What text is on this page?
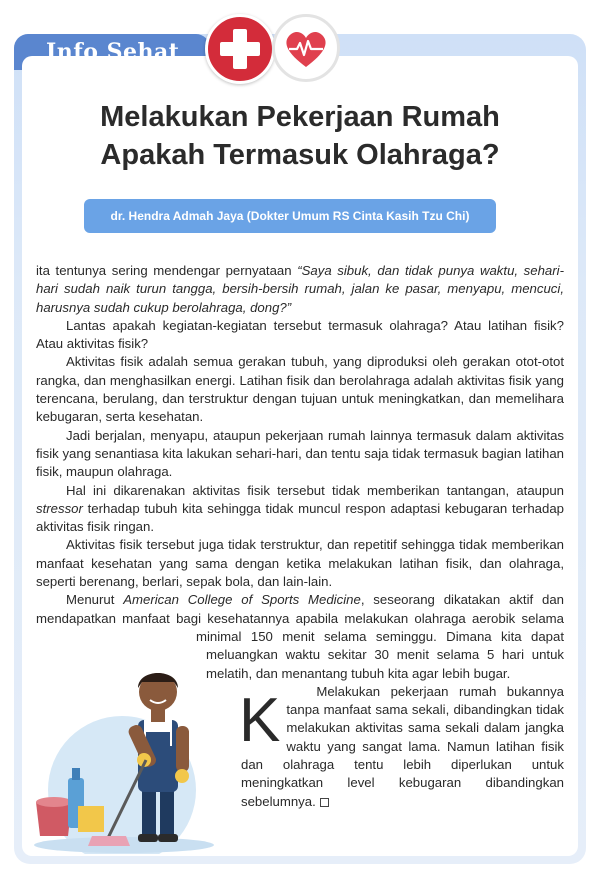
Info Sehat
Melakukan Pekerjaan Rumah
Apakah Termasuk Olahraga?
dr. Hendra Admah Jaya (Dokter Umum RS Cinta Kasih Tzu Chi)

K
ita tentunya sering mendengar pernyataan “Saya sibuk, dan tidak punya waktu, sehari-hari sudah naik turun tangga, bersih-bersih rumah, jalan ke pasar, menyapu, mencuci, harusnya sudah cukup berolahraga, dong?”

Lantas apakah kegiatan-kegiatan tersebut termasuk olahraga? Atau latihan fisik? Atau aktivitas fisik?

Aktivitas fisik adalah semua gerakan tubuh, yang diproduksi oleh gerakan otot-otot rangka, dan menghasilkan energi. Latihan fisik dan berolahraga adalah aktivitas fisik yang terencana, berulang, dan terstruktur dengan tujuan untuk meningkatkan, dan memelihara kebugaran, serta kesehatan.

Jadi berjalan, menyapu, ataupun pekerjaan rumah lainnya termasuk dalam aktivitas fisik yang senantiasa kita lakukan sehari-hari, dan tentu saja tidak termasuk bagian latihan fisik, maupun olahraga.

Hal ini dikarenakan aktivitas fisik tersebut tidak memberikan tantangan, ataupun stressor terhadap tubuh kita sehingga tidak muncul respon adaptasi kebugaran terhadap aktivitas fisik ringan.

Aktivitas fisik tersebut juga tidak terstruktur, dan repetitif sehingga tidak memberikan manfaat kesehatan yang sama dengan ketika melakukan latihan fisik, dan olahraga, seperti berenang, berlari, sepak bola, dan lain-lain.

Menurut American College of Sports Medicine, seseorang dikatakan aktif dan mendapatkan manfaat bagi kesehatannya apabila melakukan olahraga aerobik selama minimal 150 menit selama seminggu. Dimana kita dapat meluangkan waktu sekitar 30 menit selama 5 hari untuk melatih, dan menantang tubuh kita agar lebih bugar.

Melakukan pekerjaan rumah bukannya tanpa manfaat sama sekali, dibandingkan tidak melakukan aktivitas sama sekali dalam jangka waktu yang sangat lama. Namun latihan fisik dan olahraga tentu lebih diperlukan untuk meningkatkan level kebugaran dibandingkan sebelumnya.
